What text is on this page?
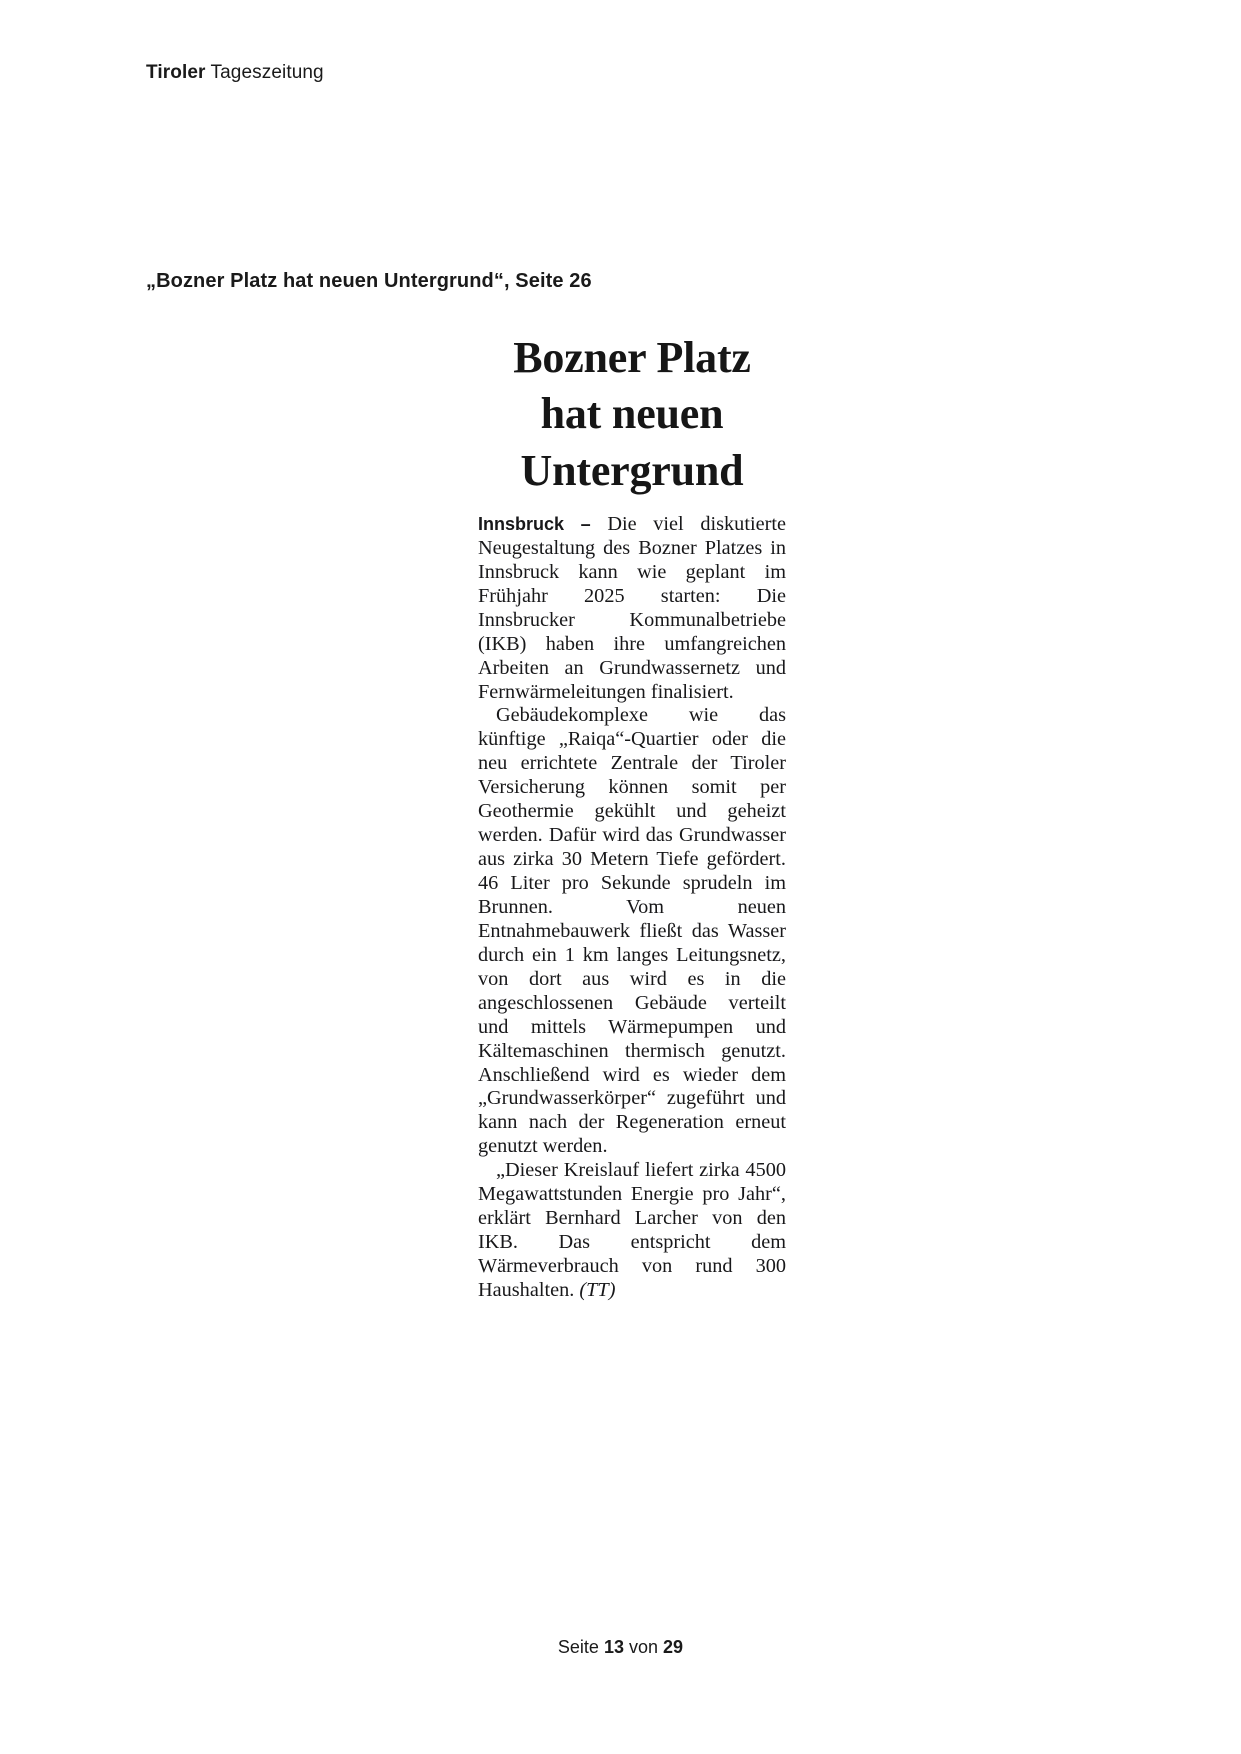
Tiroler Tageszeitung
„Bozner Platz hat neuen Untergrund“, Seite 26
Bozner Platz
hat neuen
Untergrund

Innsbruck – Die viel diskutierte Neugestaltung des Bozner Platzes in Innsbruck kann wie geplant im Frühjahr 2025 starten: Die Innsbrucker Kommunalbetriebe (IKB) haben ihre umfangreichen Arbeiten an Grundwassernetz und Fernwärmeleitungen finalisiert.

Gebäudekomplexe wie das künftige „Raiqa“-Quartier oder die neu errichtete Zentrale der Tiroler Versicherung können somit per Geothermie gekühlt und geheizt werden. Dafür wird das Grundwasser aus zirka 30 Metern Tiefe gefördert. 46 Liter pro Sekunde sprudeln im Brunnen. Vom neuen Entnahmebauwerk fließt das Wasser durch ein 1 km langes Leitungsnetz, von dort aus wird es in die angeschlossenen Gebäude verteilt und mittels Wärmepumpen und Kältemaschinen thermisch genutzt. Anschließend wird es wieder dem „Grundwasserkörper“ zugeführt und kann nach der Regeneration erneut genutzt werden.

„Dieser Kreislauf liefert zirka 4500 Megawattstunden Energie pro Jahr“, erklärt Bernhard Larcher von den IKB. Das entspricht dem Wärmeverbrauch von rund 300 Haushalten. (TT)

Seite 13 von 29
